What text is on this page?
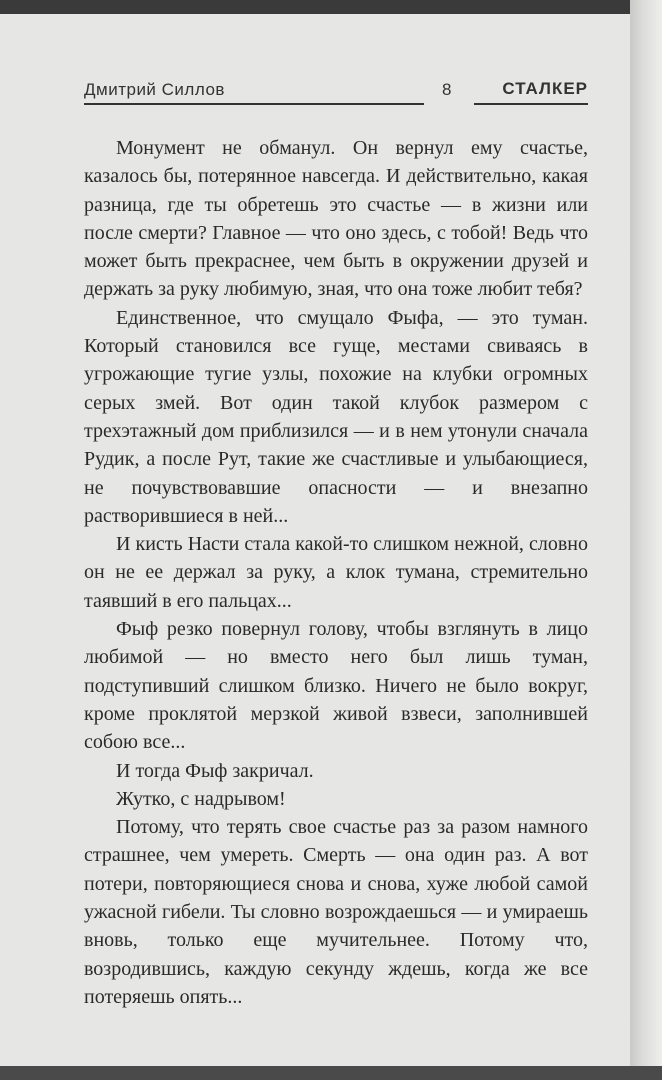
Дмитрий Силлов	8	СТАЛКЕР

Монумент не обманул. Он вернул ему счастье, казалось бы, потерянное навсегда. И действительно, какая разница, где ты обретешь это счастье — в жизни или после смерти? Главное — что оно здесь, с тобой! Ведь что может быть прекраснее, чем быть в окружении друзей и держать за руку любимую, зная, что она тоже любит тебя?

Единственное, что смущало Фыфа, — это туман. Который становился все гуще, местами свиваясь в угрожающие тугие узлы, похожие на клубки огромных серых змей. Вот один такой клубок размером с трехэтажный дом приблизился — и в нем утонули сначала Рудик, а после Рут, такие же счастливые и улыбающиеся, не почувствовавшие опасности — и внезапно растворившиеся в ней...

И кисть Насти стала какой-то слишком нежной, словно он не ее держал за руку, а клок тумана, стремительно таявший в его пальцах...

Фыф резко повернул голову, чтобы взглянуть в лицо любимой — но вместо него был лишь туман, подступивший слишком близко. Ничего не было вокруг, кроме проклятой мерзкой живой взвеси, заполнившей собою все...

И тогда Фыф закричал.

Жутко, с надрывом!

Потому, что терять свое счастье раз за разом намного страшнее, чем умереть. Смерть — она один раз. А вот потери, повторяющиеся снова и снова, хуже любой самой ужасной гибели. Ты словно возрождаешься — и умираешь вновь, только еще мучительнее. Потому что, возродившись, каждую секунду ждешь, когда же все потеряешь опять...
